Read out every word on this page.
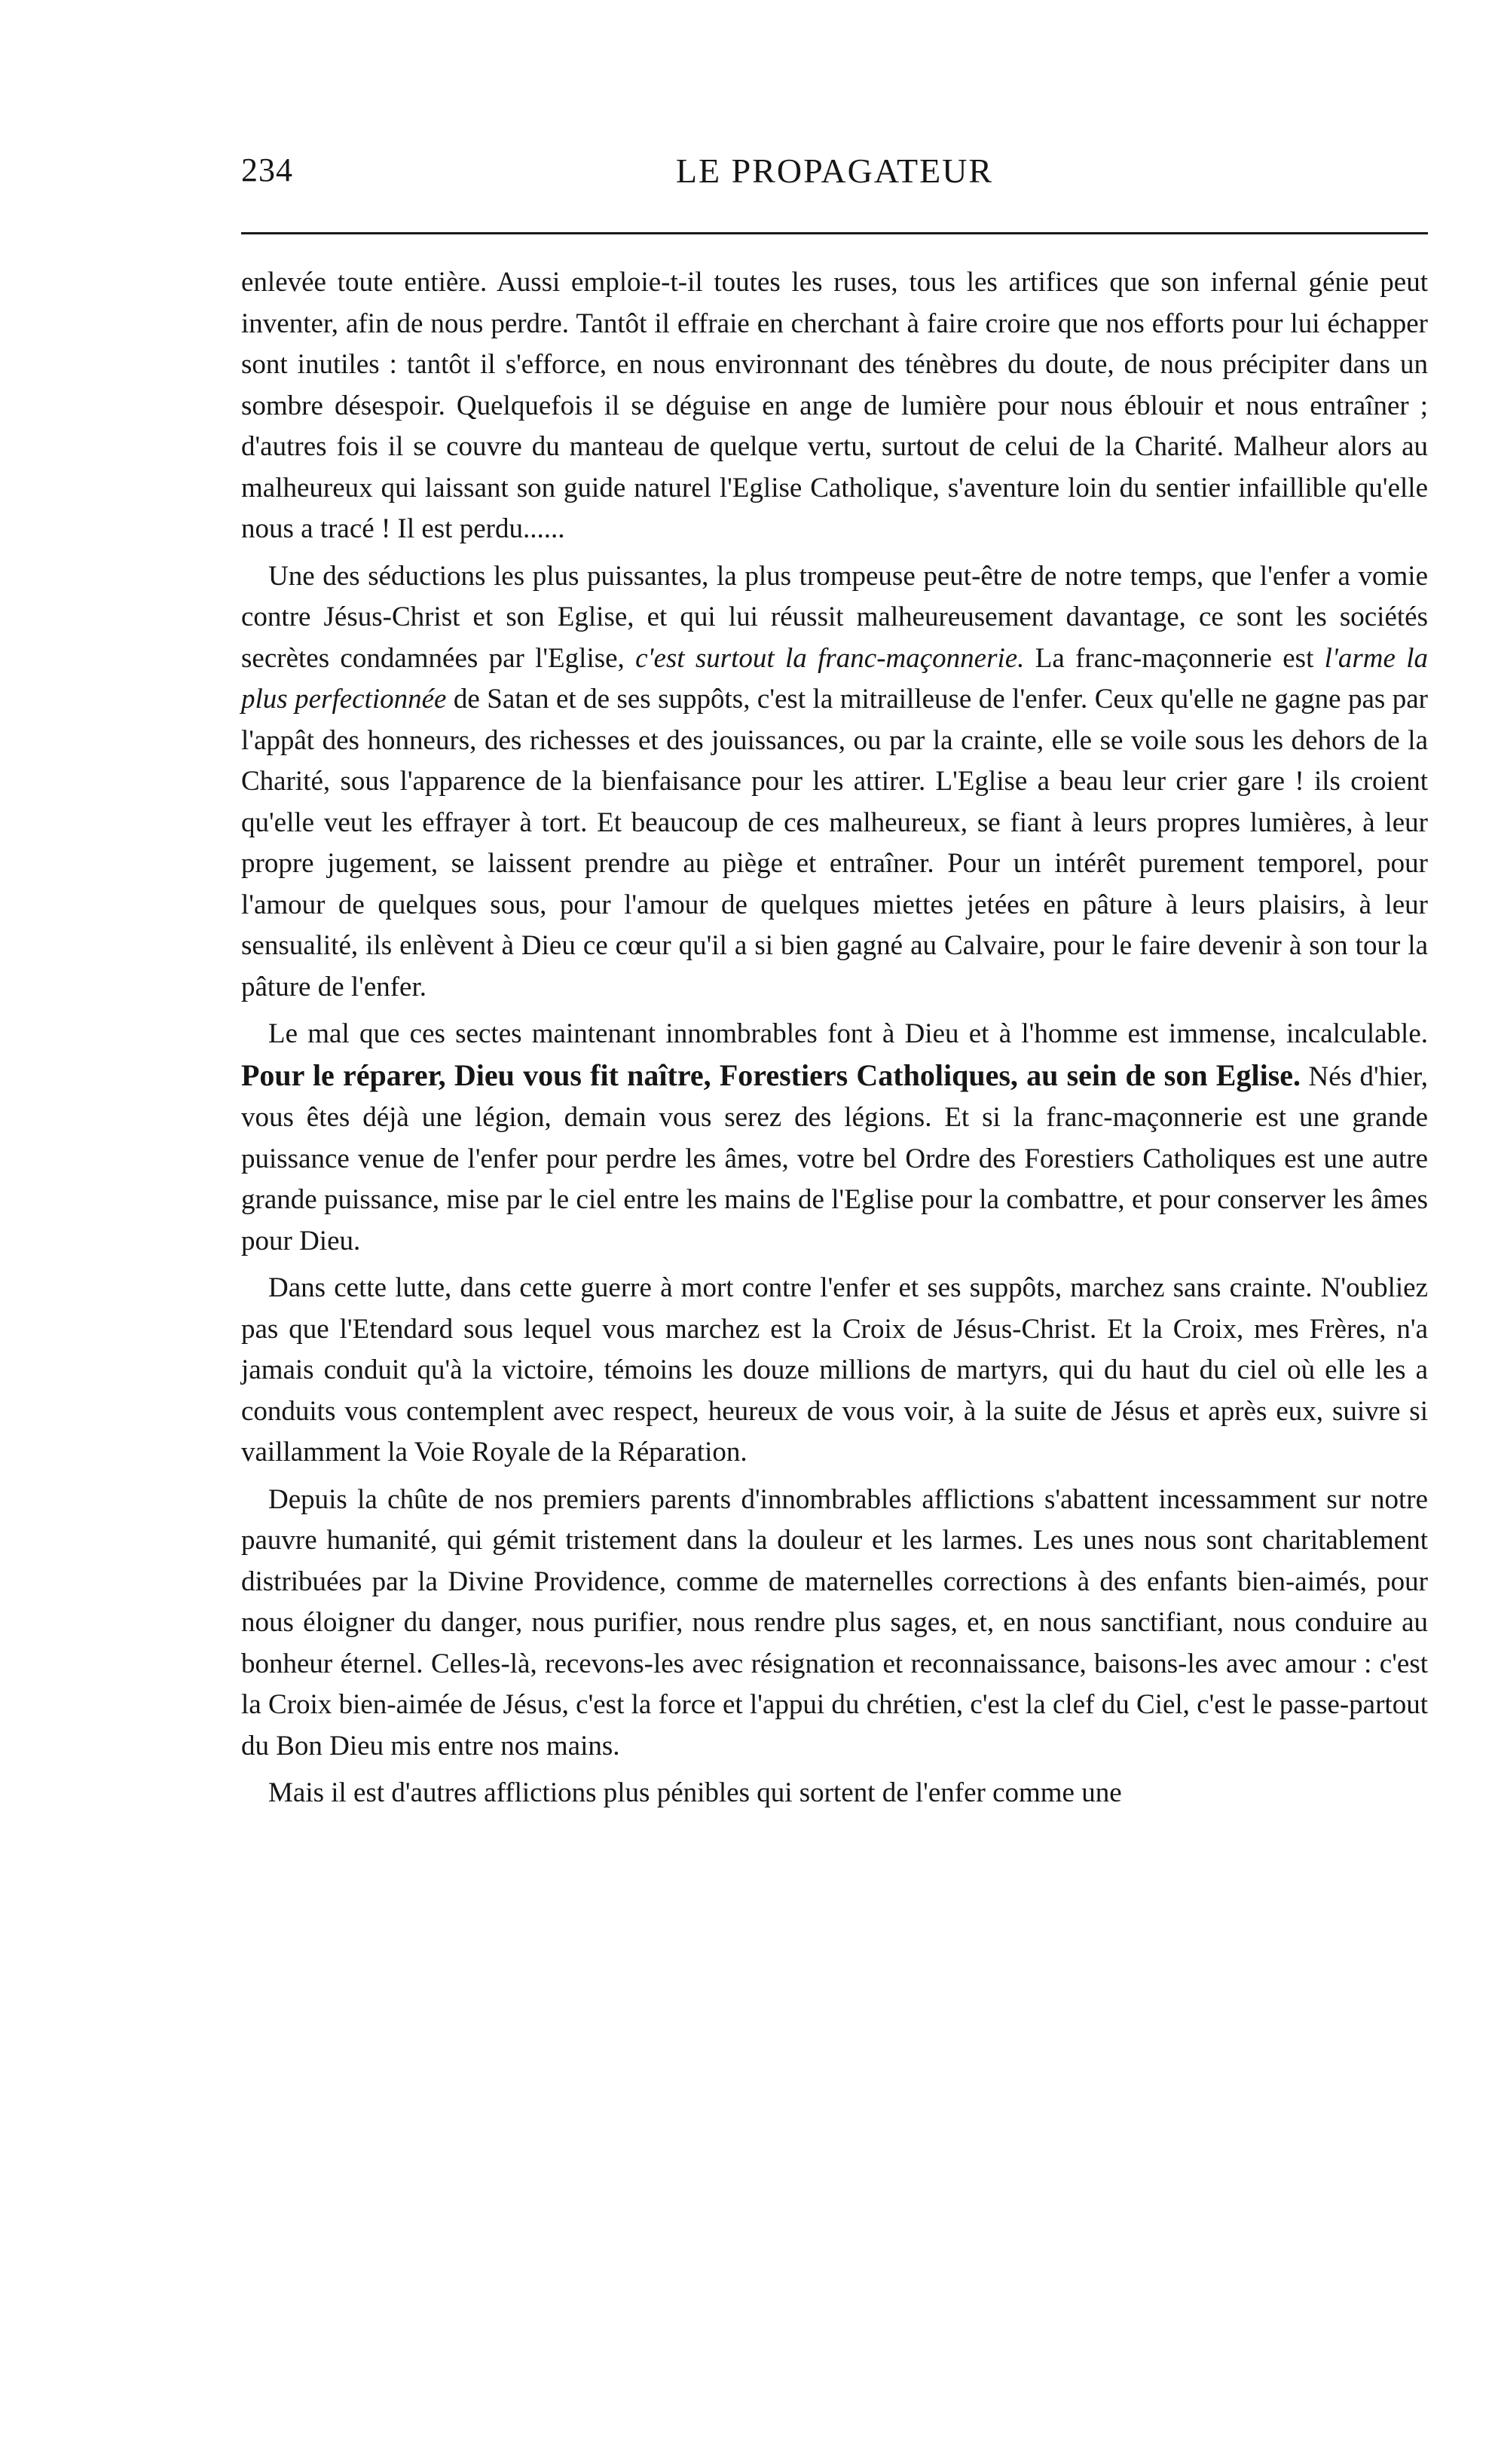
234	LE PROPAGATEUR

enlevée toute entière. Aussi emploie-t-il toutes les ruses, tous les artifices que son infernal génie peut inventer, afin de nous perdre. Tantôt il effraie en cherchant à faire croire que nos efforts pour lui échapper sont inutiles : tantôt il s'efforce, en nous environnant des ténèbres du doute, de nous précipiter dans un sombre désespoir. Quelquefois il se déguise en ange de lumière pour nous éblouir et nous entraîner ; d'autres fois il se couvre du manteau de quelque vertu, surtout de celui de la Charité. Malheur alors au malheureux qui laissant son guide naturel l'Eglise Catholique, s'aventure loin du sentier infaillible qu'elle nous a tracé ! Il est perdu......

Une des séductions les plus puissantes, la plus trompeuse peut-être de notre temps, que l'enfer a vomie contre Jésus-Christ et son Eglise, et qui lui réussit malheureusement davantage, ce sont les sociétés secrètes condamnées par l'Eglise, c'est surtout la franc-maçonnerie. La franc-maçonnerie est l'arme la plus perfectionnée de Satan et de ses suppôts, c'est la mitrailleuse de l'enfer. Ceux qu'elle ne gagne pas par l'appât des honneurs, des richesses et des jouissances, ou par la crainte, elle se voile sous les dehors de la Charité, sous l'apparence de la bienfaisance pour les attirer. L'Eglise a beau leur crier gare ! ils croient qu'elle veut les effrayer à tort. Et beaucoup de ces malheureux, se fiant à leurs propres lumières, à leur propre jugement, se laissent prendre au piège et entraîner. Pour un intérêt purement temporel, pour l'amour de quelques sous, pour l'amour de quelques miettes jetées en pâture à leurs plaisirs, à leur sensualité, ils enlèvent à Dieu ce cœur qu'il a si bien gagné au Calvaire, pour le faire devenir à son tour la pâture de l'enfer.

Le mal que ces sectes maintenant innombrables font à Dieu et à l'homme est immense, incalculable. Pour le réparer, Dieu vous fit naître, Forestiers Catholiques, au sein de son Eglise. Nés d'hier, vous êtes déjà une légion, demain vous serez des légions. Et si la franc-maçonnerie est une grande puissance venue de l'enfer pour perdre les âmes, votre bel Ordre des Forestiers Catholiques est une autre grande puissance, mise par le ciel entre les mains de l'Eglise pour la combattre, et pour conserver les âmes pour Dieu.

Dans cette lutte, dans cette guerre à mort contre l'enfer et ses suppôts, marchez sans crainte. N'oubliez pas que l'Etendard sous lequel vous marchez est la Croix de Jésus-Christ. Et la Croix, mes Frères, n'a jamais conduit qu'à la victoire, témoins les douze millions de martyrs, qui du haut du ciel où elle les a conduits vous contemplent avec respect, heureux de vous voir, à la suite de Jésus et après eux, suivre si vaillamment la Voie Royale de la Réparation.

Depuis la chûte de nos premiers parents d'innombrables afflictions s'abattent incessamment sur notre pauvre humanité, qui gémit tristement dans la douleur et les larmes. Les unes nous sont charitablement distribuées par la Divine Providence, comme de maternelles corrections à des enfants bien-aimés, pour nous éloigner du danger, nous purifier, nous rendre plus sages, et, en nous sanctifiant, nous conduire au bonheur éternel. Celles-là, recevons-les avec résignation et reconnaissance, baisons-les avec amour : c'est la Croix bien-aimée de Jésus, c'est la force et l'appui du chrétien, c'est la clef du Ciel, c'est le passe-partout du Bon Dieu mis entre nos mains.

Mais il est d'autres afflictions plus pénibles qui sortent de l'enfer comme une
